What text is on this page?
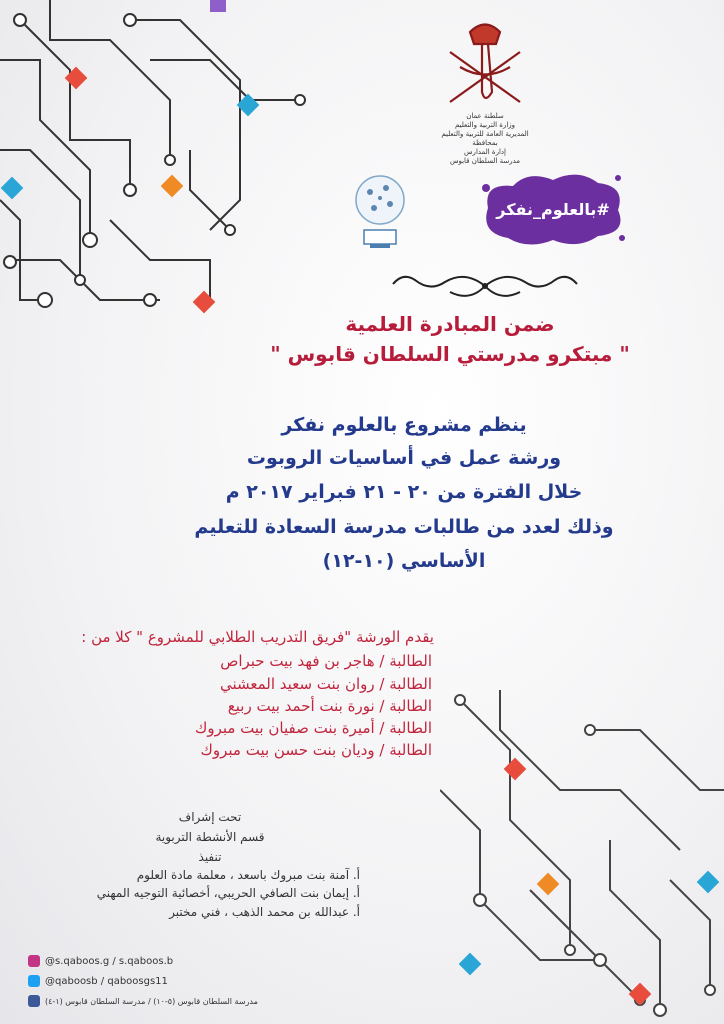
سلطنة عمان
وزارة التربية والتعليم
المديرية العامة للتربية والتعليم بمحافظة
إدارة المدارس
مدرسة السلطان قابوس
#بالعلوم_نفكر
ضمن المبادرة العلمية
" مبتكرو مدرستي السلطان قابوس "
ينظم مشروع بالعلوم نفكر
ورشة عمل في أساسيات الروبوت
خلال الفترة من ٢٠ - ٢١ فبراير ٢٠١٧ م
وذلك لعدد من طالبات مدرسة السعادة للتعليم
الأساسي (١٠-١٢)
يقدم الورشة "فريق التدريب الطلابي للمشروع " كلا من :
الطالبة / هاجر بن فهد بيت حبراص
الطالبة / روان بنت سعيد المعشني
الطالبة / نورة بنت أحمد بيت ربيع
الطالبة / أميرة بنت صفيان بيت مبروك
الطالبة / وديان بنت حسن بيت مبروك
تحت إشراف
قسم الأنشطة التربوية
تنفيذ
أ. آمنة بنت مبروك باسعد ، معلمة مادة العلوم
أ. إيمان بنت الصافي الحريبي، أخصائية التوجيه المهني
أ. عبدالله بن محمد الذهب ، فني مختبر
@s.qaboos.g / s.qaboos.b
@qaboosb / qaboosgs11
مدرسة السلطان قابوس (٥-١٠) / مدرسة السلطان قابوس (١-٤)
